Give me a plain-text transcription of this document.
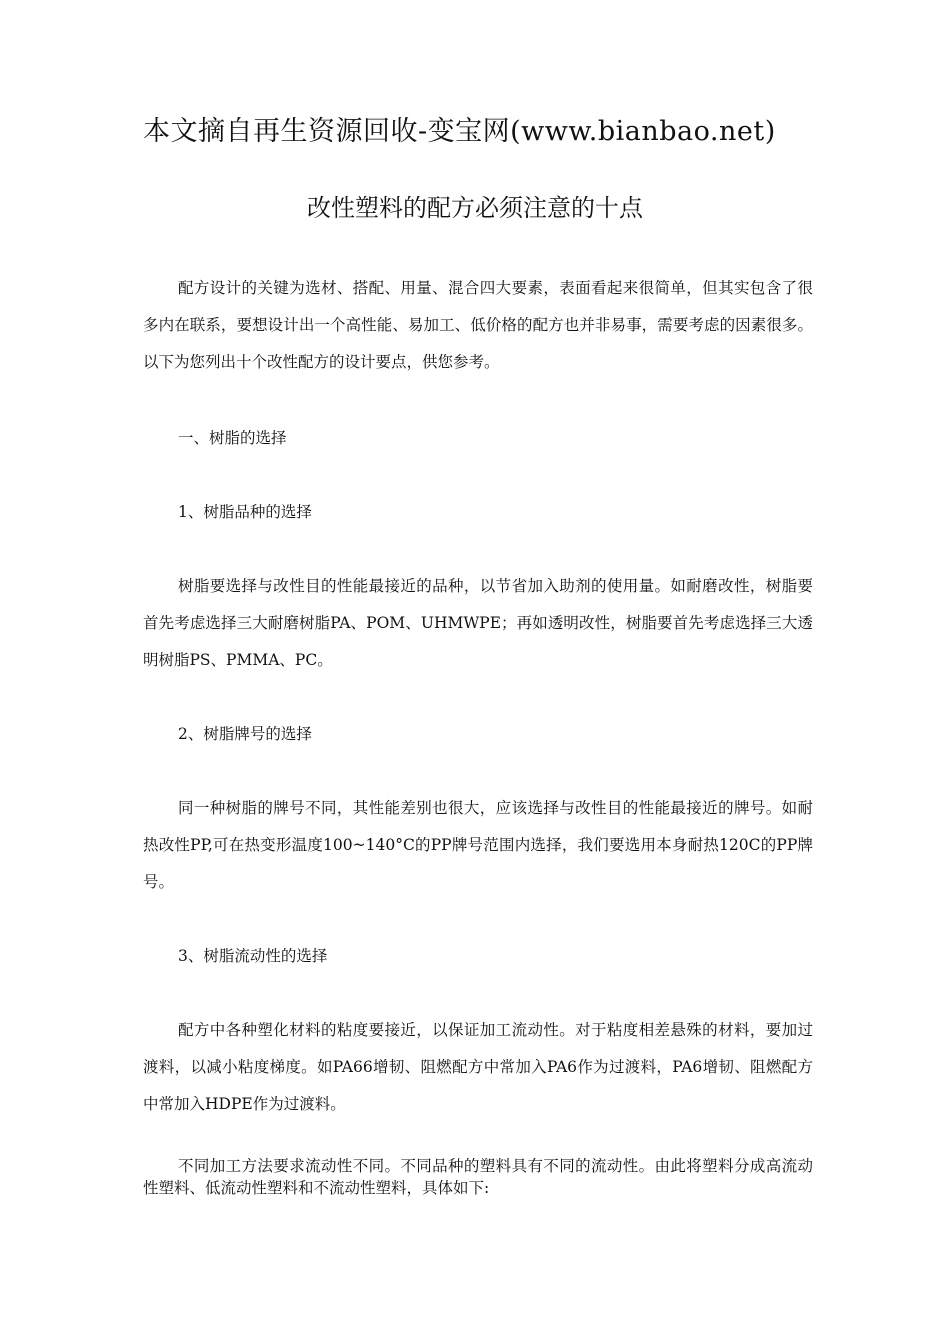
本文摘自再生资源回收-变宝网(www.bianbao.net)
改性塑料的配方必须注意的十点
配方设计的关键为选材、搭配、用量、混合四大要素，表面看起来很简单，但其实包含了很多内在联系，要想设计出一个高性能、易加工、低价格的配方也并非易事，需要考虑的因素很多。以下为您列出十个改性配方的设计要点，供您参考。
一、树脂的选择
1、树脂品种的选择
树脂要选择与改性目的性能最接近的品种，以节省加入助剂的使用量。如耐磨改性，树脂要首先考虑选择三大耐磨树脂PA、POM、UHMWPE；再如透明改性，树脂要首先考虑选择三大透明树脂PS、PMMA、PC。
2、树脂牌号的选择
同一种树脂的牌号不同，其性能差别也很大，应该选择与改性目的性能最接近的牌号。如耐热改性PP,可在热变形温度100~140°C的PP牌号范围内选择，我们要选用本身耐热120C的PP牌号。
3、树脂流动性的选择
配方中各种塑化材料的粘度要接近，以保证加工流动性。对于粘度相差悬殊的材料，要加过渡料，以减小粘度梯度。如PA66增韧、阻燃配方中常加入PA6作为过渡料，PA6增韧、阻燃配方中常加入HDPE作为过渡料。
不同加工方法要求流动性不同。不同品种的塑料具有不同的流动性。由此将塑料分成高流动性塑料、低流动性塑料和不流动性塑料，具体如下:
